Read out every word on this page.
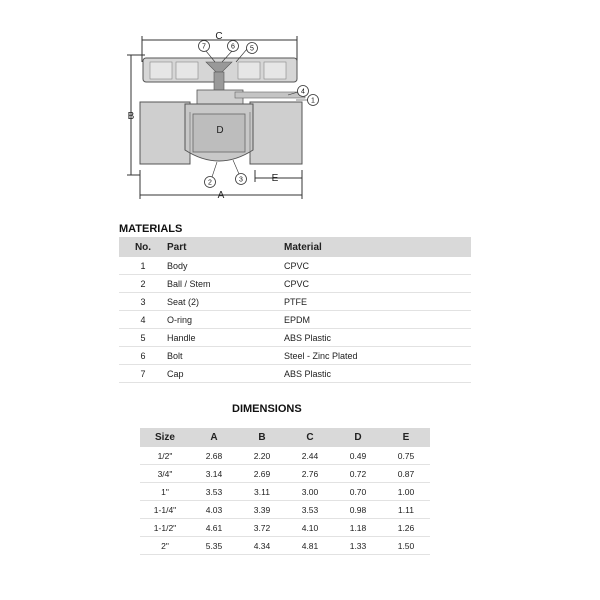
C
B
A
D
E
7	6 5
4
1
2	3
MATERIALS
No.	Part	Material
1	Body	CPVC
2	Ball / Stem	CPVC
3	Seat (2)	PTFE
4	O-ring	EPDM
5	Handle	ABS Plastic
6	Bolt	Steel - Zinc Plated
7	Cap	ABS Plastic
DIMENSIONS
Size	A	B	C	D	E
1/2"	2.68	2.20	2.44	0.49	0.75
3/4"	3.14	2.69	2.76	0.72	0.87
1"	3.53	3.11	3.00	0.70	1.00
1-1/4"	4.03	3.39	3.53	0.98	1.11
1-1/2"	4.61	3.72	4.10	1.18	1.26
2"	5.35	4.34	4.81	1.33	1.50
